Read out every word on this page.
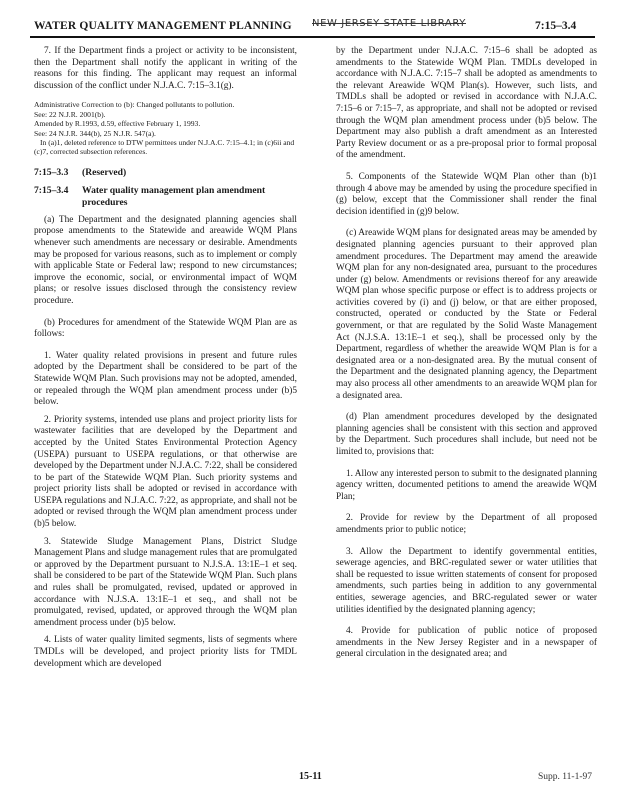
WATER QUALITY MANAGEMENT PLANNING NEW JERSEY STATE LIBRARY	7:15–3.4

7. If the Department finds a project or activity to be inconsistent, then the Department shall notify the applicant in writing of the reasons for this finding. The applicant may request an informal discussion of the conflict under N.J.A.C. 7:15–3.1(g).

Administrative Correction to (b): Changed pollutants to pollution.
See: 22 N.J.R. 2001(b).
Amended by R.1993, d.59, effective February 1, 1993.
See: 24 N.J.R. 344(b), 25 N.J.R. 547(a).
In (a)1, deleted reference to DTW permittees under N.J.A.C. 7:15–4.1; in (c)6ii and (c)7, corrected subsection references.
7:15–3.3 (Reserved)
7:15–3.4 Water quality management plan amendment procedures

(a) The Department and the designated planning agencies shall propose amendments to the Statewide and areawide WQM Plans whenever such amendments are necessary or desirable. Amendments may be proposed for various reasons, such as to implement or comply with applicable State or Federal law; respond to new circumstances; improve the economic, social, or environmental impact of WQM plans; or resolve issues disclosed through the consistency review procedure.

(b) Procedures for amendment of the Statewide WQM Plan are as follows:

1. Water quality related provisions in present and future rules adopted by the Department shall be considered to be part of the Statewide WQM Plan. Such provisions may not be adopted, amended, or repealed through the WQM plan amendment process under (b)5 below.

2. Priority systems, intended use plans and project priority lists for wastewater facilities that are developed by the Department and accepted by the United States Environmental Protection Agency (USEPA) pursuant to USEPA regulations, or that otherwise are developed by the Department under N.J.A.C. 7:22, shall be considered to be part of the Statewide WQM Plan. Such priority systems and project priority lists shall be adopted or revised in accordance with USEPA regulations and N.J.A.C. 7:22, as appropriate, and shall not be adopted or revised through the WQM plan amendment process under (b)5 below.

3. Statewide Sludge Management Plans, District Sludge Management Plans and sludge management rules that are promulgated or approved by the Department pursuant to N.J.S.A. 13:1E–1 et seq. shall be considered to be part of the Statewide WQM Plan. Such plans and rules shall be promulgated, revised, updated or approved in accordance with N.J.S.A. 13:1E–1 et seq., and shall not be promulgated, revised, updated, or approved through the WQM plan amendment process under (b)5 below.

4. Lists of water quality limited segments, lists of segments where TMDLs will be developed, and project priority lists for TMDL development which are developed

by the Department under N.J.A.C. 7:15–6 shall be adopted as amendments to the Statewide WQM Plan. TMDLs developed in accordance with N.J.A.C. 7:15–7 shall be adopted as amendments to the relevant Areawide WQM Plan(s). However, such lists, and TMDLs shall be adopted or revised in accordance with N.J.A.C. 7:15–6 or 7:15–7, as appropriate, and shall not be adopted or revised through the WQM plan amendment process under (b)5 below. The Department may also publish a draft amendment as an Interested Party Review document or as a pre-proposal prior to formal proposal of the amendment.

5. Components of the Statewide WQM Plan other than (b)1 through 4 above may be amended by using the procedure specified in (g) below, except that the Commissioner shall render the final decision identified in (g)9 below.

(c) Areawide WQM plans for designated areas may be amended by designated planning agencies pursuant to their approved plan amendment procedures. The Department may amend the areawide WQM plan for any non-designated area, pursuant to the procedures under (g) below. Amendments or revisions thereof for any areawide WQM plan whose specific purpose or effect is to address projects or activities covered by (i) and (j) below, or that are either proposed, constructed, operated or conducted by the State or Federal government, or that are regulated by the Solid Waste Management Act (N.J.S.A. 13:1E–1 et seq.), shall be processed only by the Department, regardless of whether the areawide WQM Plan is for a designated area or a non-designated area. By the mutual consent of the Department and the designated planning agency, the Department may also process all other amendments to an areawide WQM plan for a designated area.

(d) Plan amendment procedures developed by the designated planning agencies shall be consistent with this section and approved by the Department. Such procedures shall include, but need not be limited to, provisions that:

1. Allow any interested person to submit to the designated planning agency written, documented petitions to amend the areawide WQM Plan;

2. Provide for review by the Department of all proposed amendments prior to public notice;

3. Allow the Department to identify governmental entities, sewerage agencies, and BRC-regulated sewer or water utilities that shall be requested to issue written statements of consent for proposed amendments, such parties being in addition to any governmental entities, sewerage agencies, and BRC-regulated sewer or water utilities identified by the designated planning agency;

4. Provide for publication of public notice of proposed amendments in the New Jersey Register and in a newspaper of general circulation in the designated area; and

15-11	Supp. 11-1-97
